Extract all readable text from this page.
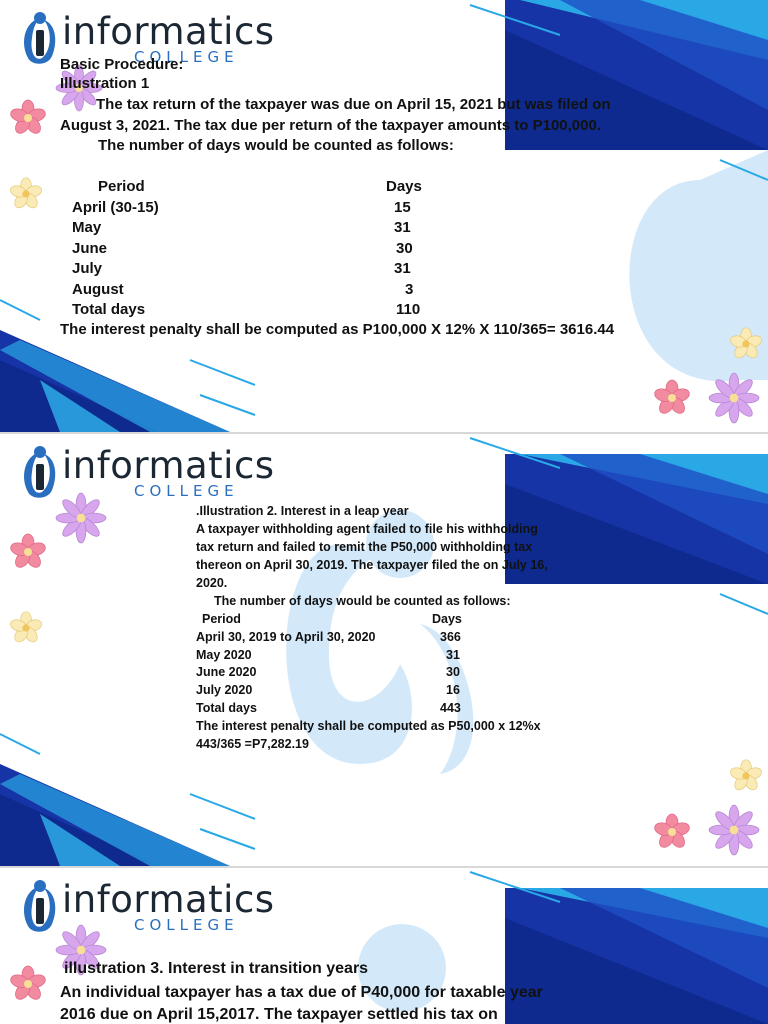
informatics
COLLEGE
Basic Procedure:
Illustration 1
The tax return of the taxpayer was due on April 15, 2021 but was filed on
August 3, 2021. The tax due per return of the taxpayer amounts to P100,000.
The number of days would be counted as follows:
Period	Days
April (30-15)	15
May	31
June	30
July	31
August	3
Total days	110
The interest penalty shall be computed as P100,000 X 12% X 110/365= 3616.44
informatics
COLLEGE
.Illustration 2. Interest in a leap year
A taxpayer withholding agent failed to file his withholding
tax return and failed to remit the P50,000 withholding tax
thereon on April 30, 2019. The taxpayer filed the on July 16,
2020.
The number of days would be counted as follows:
Period	Days
April 30, 2019 to April 30, 2020	366
May 2020	31
June 2020	30
July 2020	16
Total days	443
The interest penalty shall be computed as P50,000 x 12%x
443/365 =P7,282.19
informatics
COLLEGE
illustration 3. Interest in transition years
An individual taxpayer has a tax due of P40,000 for taxable year
2016 due on April 15,2017. The taxpayer settled his tax on
